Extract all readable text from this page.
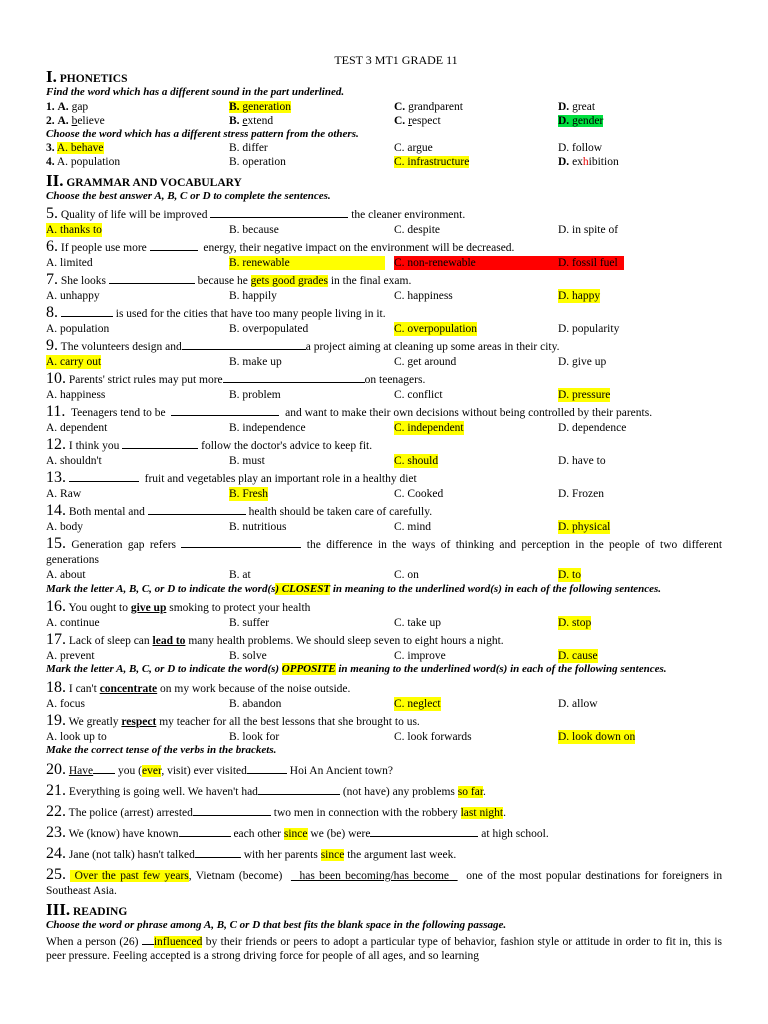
TEST 3 MT1 GRADE 11
I. PHONETICS
Find the word which has a different sound in the part underlined.
1. A. gap	B. generation	C. grandparent	D. great
2. A. believe	B. extend	C. respect	D. gender
Choose the word which has a different stress pattern from the others.
3. A. behave	B. differ	C. argue	D. follow
4. A. population	B. operation	C. infrastructure	D. exhibition
II. GRAMMAR AND VOCABULARY
Choose the best answer A, B, C or D to complete the sentences.
5. Quality of life will be improved	the cleaner environment.
A. thanks to	B. because	C. despite	D. in spite of
6. If people use more	energy, their negative impact on the environment will be decreased.
A. limited	B. renewable	C. non-renewable	D. fossil fuel
7. She looks	because he gets good grades in the final exam.
A. unhappy	B. happily	C. happiness	D. happy
8.	is used for the cities that have too many people living in it.
A. population	B. overpopulated	C. overpopulation	D. popularity
9. The volunteers design and	a project aiming at cleaning up some areas in their city.
A. carry out	B. make up	C. get around	D. give up
10. Parents' strict rules may put more	on teenagers.
A. happiness	B. problem	C. conflict	D. pressure
11. Teenagers tend to be	and want to make their own decisions without being controlled by their parents.
A. dependent	B. independence	C. independent	D. dependence
12. I think you	follow the doctor's advice to keep fit.
A. shouldn't	B. must	C. should	D. have to
13.	fruit and vegetables play an important role in a healthy diet
A. Raw	B. Fresh	C. Cooked	D. Frozen
14. Both mental and	health should be taken care of carefully.
A. body	B. nutritious	C. mind	D. physical
15. Generation gap refers	the difference in the ways of thinking and perception in the people of two different generations
A. about	B. at	C. on	D. to
Mark the letter A, B, C, or D to indicate the word(s) CLOSEST in meaning to the underlined word(s) in each of the following sentences.
16. You ought to give up smoking to protect your health
A. continue	B. suffer	C. take up	D. stop
17. Lack of sleep can lead to many health problems. We should sleep seven to eight hours a night.
A. prevent	B. solve	C. improve	D. cause
Mark the letter A, B, C, or D to indicate the word(s) OPPOSITE in meaning to the underlined word(s) in each of the following sentences.
18. I can't concentrate on my work because of the noise outside.
A. focus	B. abandon	C. neglect	D. allow
19. We greatly respect my teacher for all the best lessons that she brought to us.
A. look up to	B. look for	C. look forwards	D. look down on
Make the correct tense of the verbs in the brackets.
20. Have you (ever, visit) ever visited	Hoi An Ancient town?
21. Everything is going well. We haven't had	(not have) any problems so far.
22. The police (arrest) arrested	two men in connection with the robbery last night.
23. We (know) have known	each other since we (be) were	at high school.
24. Jane (not talk) hasn't talked	with her parents since the argument last week.
25. Over the past few years, Vietnam (become) has been becoming/has become one of the most popular destinations for foreigners in Southeast Asia.
III. READING
Choose the word or phrase among A, B, C or D that best fits the blank space in the following passage.
When a person (26) influenced by their friends or peers to adopt a particular type of behavior, fashion style or attitude in order to fit in, this is peer pressure. Feeling accepted is a strong driving force for people of all ages, and so learning
